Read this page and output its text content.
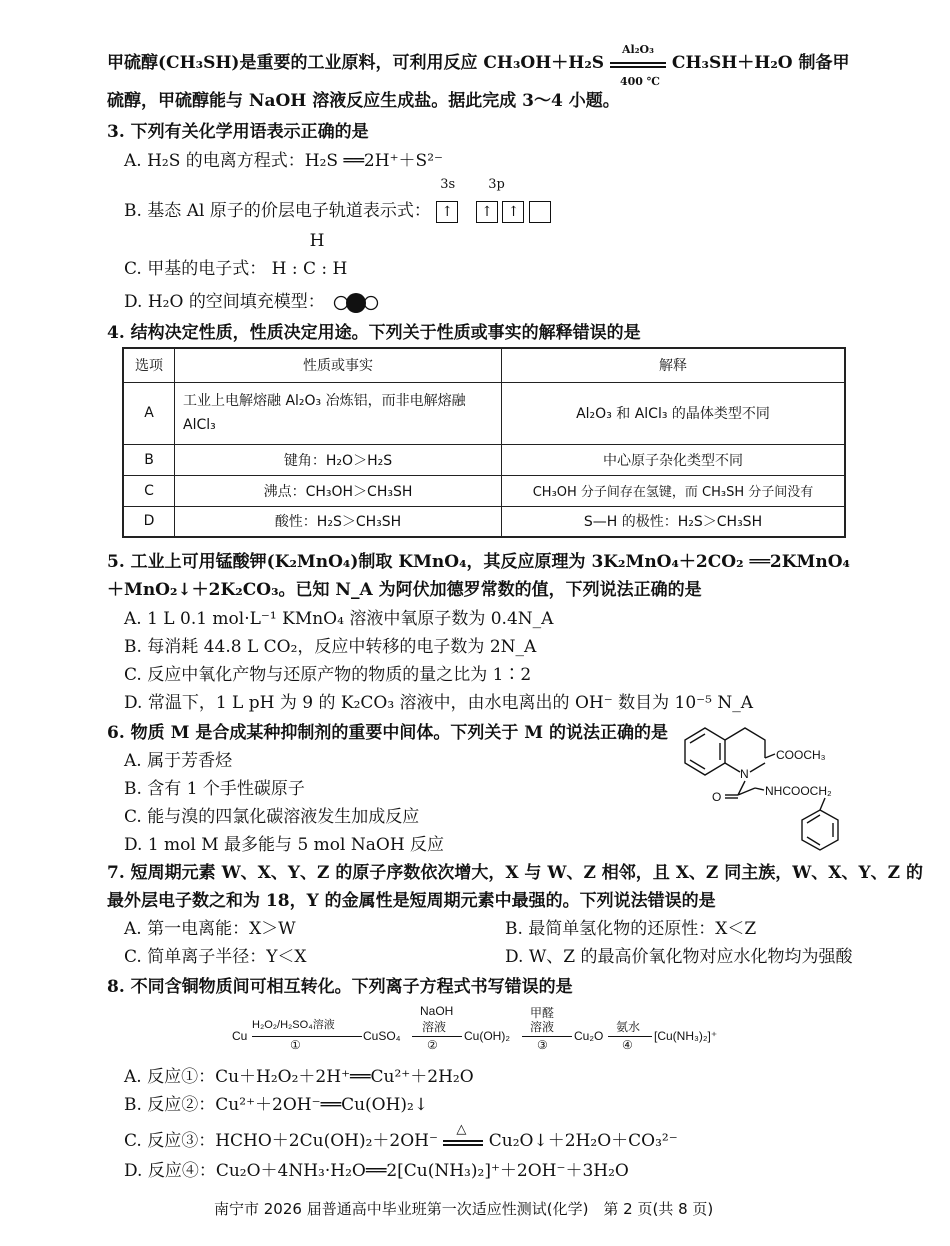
甲硫醇(CH₃SH)是重要的工业原料，可利用反应 $CH_3OH+H_2S \frac{\text{Al₂O₃}}{400 ℃} CH_3SH+H_2O$ 制备甲
硫醇，甲硫醇能与 NaOH 溶液反应生成盐。据此完成 3～4 小题。
3. 下列有关化学用语表示正确的是
A. H₂S 的电离方程式：H₂S ══2H⁺＋S²⁻
B. 基态 Al 原子的价层电子轨道表示式：
3s	3p
↑ ↑ ↑
C. 甲基的电子式：
H
H : C : H
D. H₂O 的空间填充模型：
4. 结构决定性质，性质决定用途。下列关于性质或事实的解释错误的是
选项	性质或事实	解释
A	工业上电解熔融 Al₂O₃ 冶炼铝，而非电解熔融 AlCl₃	Al₂O₃ 和 AlCl₃ 的晶体类型不同
B	键角：H₂O＞H₂S	中心原子杂化类型不同
C	沸点：CH₃OH＞CH₃SH	CH₃OH 分子间存在氢键，而 CH₃SH 分子间没有
D	酸性：H₂S＞CH₃SH	S—H 的极性：H₂S＞CH₃SH
5. 工业上可用锰酸钾(K₂MnO₄)制取 KMnO₄，其反应原理为 3K₂MnO₄＋2CO₂ ══2KMnO₄
＋MnO₂↓＋2K₂CO₃。已知 N_A 为阿伏加德罗常数的值，下列说法正确的是
A. 1 L 0.1 mol·L⁻¹ KMnO₄ 溶液中氧原子数为 0.4N_A
B. 每消耗 44.8 L CO₂，反应中转移的电子数为 2N_A
C. 反应中氧化产物与还原产物的物质的量之比为 1∶2
D. 常温下，1 L pH 为 9 的 K₂CO₃ 溶液中，由水电离出的 OH⁻ 数目为 10⁻⁵ N_A
6. 物质 M 是合成某种抑制剂的重要中间体。下列关于 M 的说法正确的是
A. 属于芳香烃
B. 含有 1 个手性碳原子
C. 能与溴的四氯化碳溶液发生加成反应
D. 1 mol M 最多能与 5 mol NaOH 反应
COOCH₃
N
O	NHCOOCH₂
7. 短周期元素 W、X、Y、Z 的原子序数依次增大，X 与 W、Z 相邻，且 X、Z 同主族，W、X、Y、Z 的
最外层电子数之和为 18，Y 的金属性是短周期元素中最强的。下列说法错误的是
A. 第一电离能：X＞W	B. 最简单氢化物的还原性：X＜Z
C. 简单离子半径：Y＜X	D. W、Z 的最高价氧化物对应水化物均为强酸
8. 不同含铜物质间可相互转化。下列离子方程式书写错误的是
Cu
H₂O₂/H₂SO₄溶液
①
CuSO₄
NaOH
溶液
②
Cu(OH)₂
甲醛
溶液
③
Cu₂O
氨水
④
[Cu(NH₃)₂]⁺
A. 反应①：Cu＋H₂O₂＋2H⁺══Cu²⁺＋2H₂O
B. 反应②：Cu²⁺＋2OH⁻══Cu(OH)₂↓
C. 反应③：HCHO＋2Cu(OH)₂＋2OH⁻
△
Cu₂O↓＋2H₂O＋CO₃²⁻
D. 反应④：Cu₂O＋4NH₃·H₂O══2[Cu(NH₃)₂]⁺＋2OH⁻＋3H₂O
南宁市 2026 届普通高中毕业班第一次适应性测试(化学)　第 2 页(共 8 页)
